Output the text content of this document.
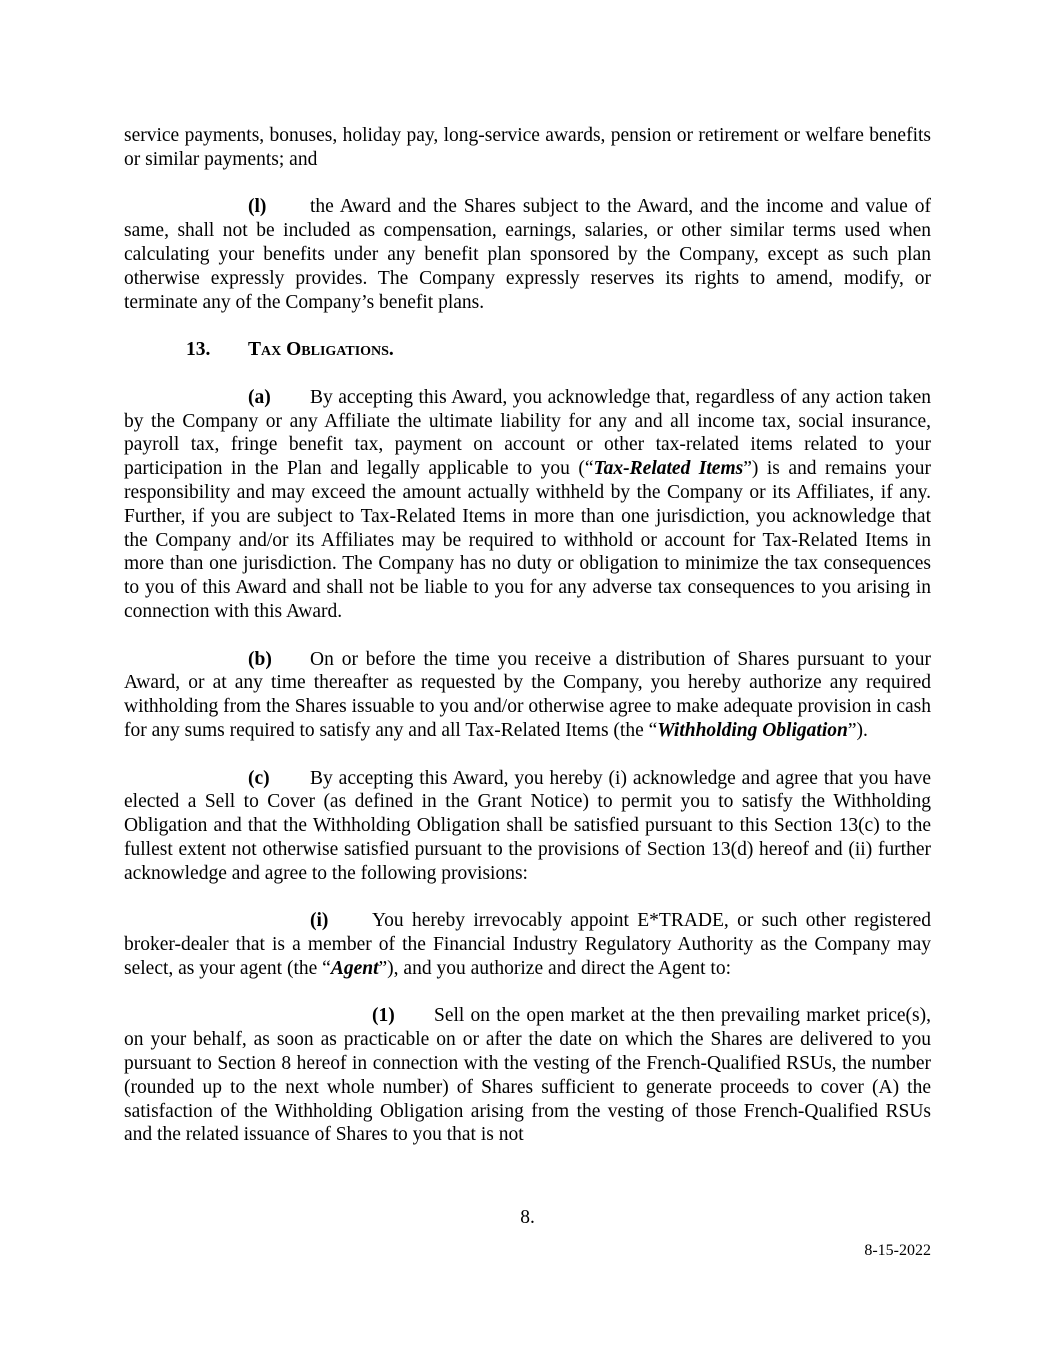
service payments, bonuses, holiday pay, long-service awards, pension or retirement or welfare benefits or similar payments; and

(l) the Award and the Shares subject to the Award, and the income and value of same, shall not be included as compensation, earnings, salaries, or other similar terms used when calculating your benefits under any benefit plan sponsored by the Company, except as such plan otherwise expressly provides. The Company expressly reserves its rights to amend, modify, or terminate any of the Company’s benefit plans.

13. Tax Obligations.

(a) By accepting this Award, you acknowledge that, regardless of any action taken by the Company or any Affiliate the ultimate liability for any and all income tax, social insurance, payroll tax, fringe benefit tax, payment on account or other tax-related items related to your participation in the Plan and legally applicable to you (“Tax-Related Items”) is and remains your responsibility and may exceed the amount actually withheld by the Company or its Affiliates, if any. Further, if you are subject to Tax-Related Items in more than one jurisdiction, you acknowledge that the Company and/or its Affiliates may be required to withhold or account for Tax-Related Items in more than one jurisdiction. The Company has no duty or obligation to minimize the tax consequences to you of this Award and shall not be liable to you for any adverse tax consequences to you arising in connection with this Award.

(b) On or before the time you receive a distribution of Shares pursuant to your Award, or at any time thereafter as requested by the Company, you hereby authorize any required withholding from the Shares issuable to you and/or otherwise agree to make adequate provision in cash for any sums required to satisfy any and all Tax-Related Items (the “Withholding Obligation”).

(c) By accepting this Award, you hereby (i) acknowledge and agree that you have elected a Sell to Cover (as defined in the Grant Notice) to permit you to satisfy the Withholding Obligation and that the Withholding Obligation shall be satisfied pursuant to this Section 13(c) to the fullest extent not otherwise satisfied pursuant to the provisions of Section 13(d) hereof and (ii) further acknowledge and agree to the following provisions:

(i) You hereby irrevocably appoint E*TRADE, or such other registered broker-dealer that is a member of the Financial Industry Regulatory Authority as the Company may select, as your agent (the “Agent”), and you authorize and direct the Agent to:

(1) Sell on the open market at the then prevailing market price(s), on your behalf, as soon as practicable on or after the date on which the Shares are delivered to you pursuant to Section 8 hereof in connection with the vesting of the French-Qualified RSUs, the number (rounded up to the next whole number) of Shares sufficient to generate proceeds to cover (A) the satisfaction of the Withholding Obligation arising from the vesting of those French-Qualified RSUs and the related issuance of Shares to you that is not

8.
8-15-2022
